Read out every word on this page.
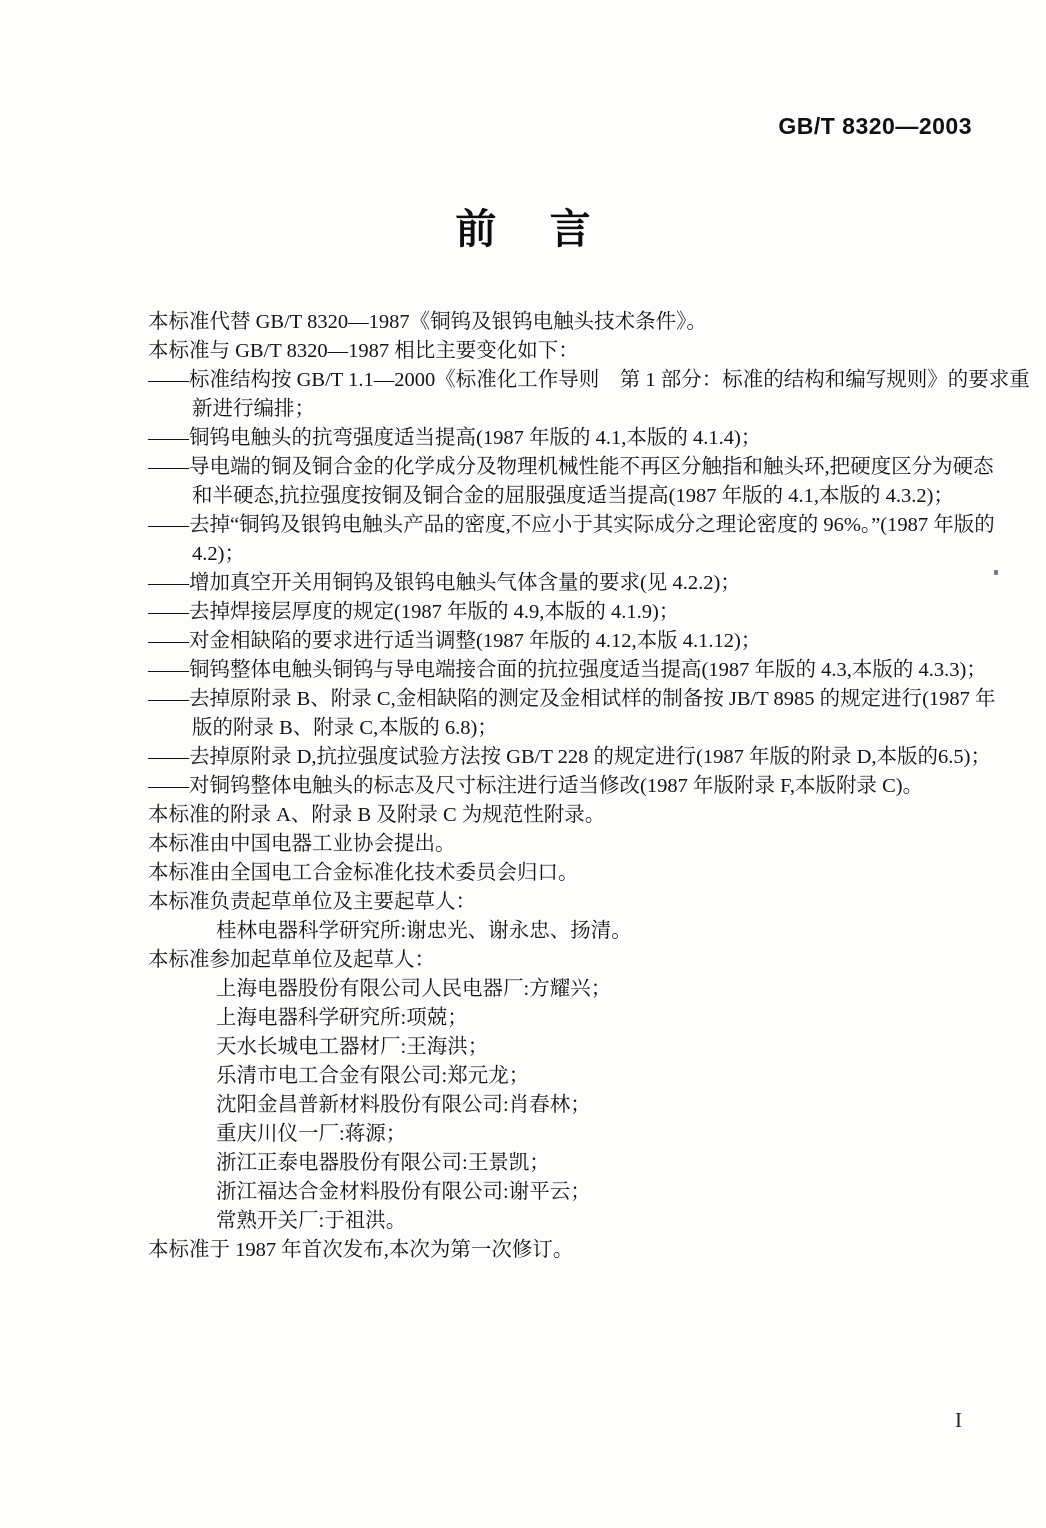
GB/T 8320—2003
前言
本标准代替 GB/T 8320—1987《铜钨及银钨电触头技术条件》。
本标准与 GB/T 8320—1987 相比主要变化如下：
——标准结构按 GB/T 1.1—2000《标准化工作导则　第 1 部分：标准的结构和编写规则》的要求重
新进行编排；
——铜钨电触头的抗弯强度适当提高(1987 年版的 4.1,本版的 4.1.4)；
——导电端的铜及铜合金的化学成分及物理机械性能不再区分触指和触头环,把硬度区分为硬态
和半硬态,抗拉强度按铜及铜合金的屈服强度适当提高(1987 年版的 4.1,本版的 4.3.2)；
——去掉“铜钨及银钨电触头产品的密度,不应小于其实际成分之理论密度的 96%。”(1987 年版的
4.2)；
——增加真空开关用铜钨及银钨电触头气体含量的要求(见 4.2.2)；
——去掉焊接层厚度的规定(1987 年版的 4.9,本版的 4.1.9)；
——对金相缺陷的要求进行适当调整(1987 年版的 4.12,本版 4.1.12)；
——铜钨整体电触头铜钨与导电端接合面的抗拉强度适当提高(1987 年版的 4.3,本版的 4.3.3)；
——去掉原附录 B、附录 C,金相缺陷的测定及金相试样的制备按 JB/T 8985 的规定进行(1987 年
版的附录 B、附录 C,本版的 6.8)；
——去掉原附录 D,抗拉强度试验方法按 GB/T 228 的规定进行(1987 年版的附录 D,本版的6.5)；
——对铜钨整体电触头的标志及尺寸标注进行适当修改(1987 年版附录 F,本版附录 C)。
本标准的附录 A、附录 B 及附录 C 为规范性附录。
本标准由中国电器工业协会提出。
本标准由全国电工合金标准化技术委员会归口。
本标准负责起草单位及主要起草人：
桂林电器科学研究所:谢忠光、谢永忠、扬清。
本标准参加起草单位及起草人：
上海电器股份有限公司人民电器厂:方耀兴；
上海电器科学研究所:项兢；
天水长城电工器材厂:王海洪；
乐清市电工合金有限公司:郑元龙；
沈阳金昌普新材料股份有限公司:肖春林；
重庆川仪一厂:蒋源；
浙江正泰电器股份有限公司:王景凯；
浙江福达合金材料股份有限公司:谢平云；
常熟开关厂:于祖洪。
本标准于 1987 年首次发布,本次为第一次修订。
I
